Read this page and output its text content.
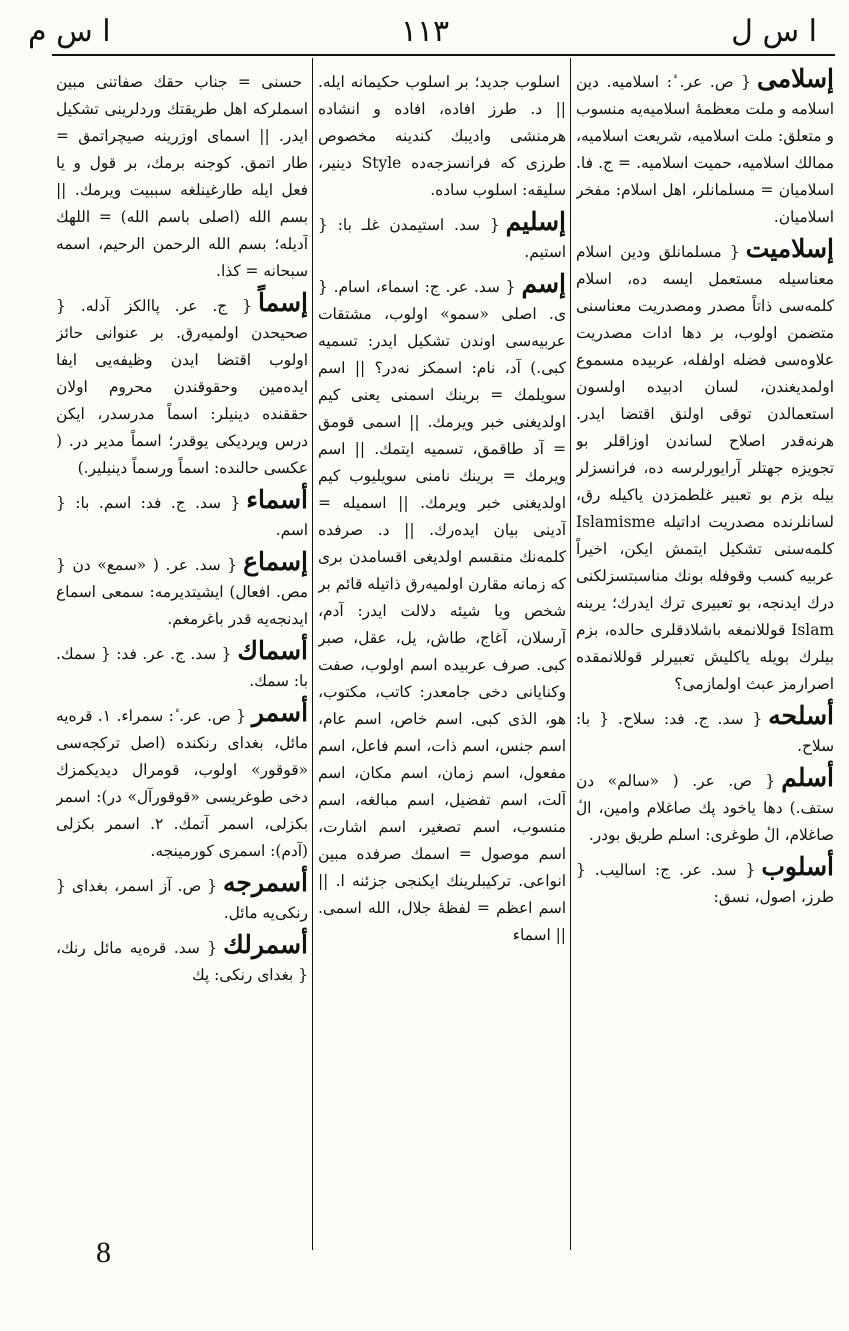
ا س م	١١٣	ا س ل
إسلامى{ ص. عر. ٔ: اسلامیه. دین اسلامه و ملت معظمۀ اسلامیه‌یه منسوب و متعلق: ملت اسلامیه، شریعت اسلامیه، ممالك اسلامیه، حمیت اسلامیه. = ج. فا. اسلامیان = مسلمانلر، اهل اسلام: مفخر اسلامیان.
إسلامیت{ مسلمانلق ودین اسلام معناسیله مستعمل ایسه ده، اسلام کلمه‌سی ذاتاً مصدر ومصدریت معناسنی متضمن اولوب، بر دها ادات مصدریت علاوه‌سی فضله اولفله، عربیده مسموع اولمدیغندن، لسان ادبیده اولسون استعمالدن توقی اولنق اقتضا ایدر. هرنه‌قدر اصلاح لساندن اوزاقلر بو تجویزه جهتلر آرایورلرسه ده، فرانسزلر بیله بزم بو تعبیر غلطمزدن یاکیله رق، لسانلرنده مصدریت اداتیله Islamisme کلمه‌سنی تشکیل ایتمش ایکن، اخیراً عربیه کسب وقوفله بونك مناسبتسزلکنی درك ایدنجه، بو تعبیری ترك ایدرك؛ یرینه Islam قوللانمغه باشلادقلری حالده، بزم بیلرك بویله یاکلیش تعبیرلر قوللانمقده اصرارمز عبث اولمازمی؟
أسلحه{ سد. ج. فد: سلاح. { با: سلاح.
أسلم{ ص. عر. ( «سالم» دن ستف.) دها یاخود پك صاغلام وامین، الٔ صاغلام، الٔ طوغری: اسلم طریق بودر.
أسلوب{ سد. عر. ج: اسالیب. { طرز، اصول، نسق:
اسلوب جدید؛ بر اسلوب حکیمانه ایله. || د. طرز افاده، افاده و انشاده هرمنشی وادیبك کندینه مخصوص طرزی که فرانسزجه‌ده Style دینیر، سلیقه: اسلوب ساده.
إسلیم{ سد. استیمدن غلـ با: { استیم.
إسم{ سد. عر. ج: اسماء، اسام. { ی. اصلی «سمو» اولوب، مشتقات عربیه‌سی اوندن تشکیل ایدر: تسمیه کبی.) آد، نام: اسمکز نه‌در؟ || اسم سویلمك = برینك اسمنی یعنی کیم اولدیغنی خبر ویرمك. || اسمی قومق = آد طاقمق، تسمیه ایتمك. || اسم ویرمك = برینك نامنی سویلیوب کیم اولدیغنی خبر ویرمك. || اسمیله = آدینی بیان ایده‌رك. || د. صرفده کلمه‌نك منقسم اولدیغی اقسامدن بری که زمانه مقارن اولمیه‌رق ذاتیله قائم بر شخص ویا شیئه دلالت ایدر: آدم، آرسلان، آغاج، طاش، یل، عقل، صبر کبی. صرف عربیده اسم اولوب، صفت وکنایانی دخی جامعدر: کاتب، مکتوب، هو، الذی کبی. اسم خاص، اسم عام، اسم جنس، اسم ذات، اسم فاعل، اسم مفعول، اسم زمان، اسم مکان، اسم آلت، اسم تفضیل، اسم مبالغه، اسم منسوب، اسم تصغیر، اسم اشارت، اسم موصول = اسمك صرفده مبین انواعی. ترکیبلرینك ایکنجی جزئنه ا. || اسم اعظم = لفظۀ جلال، الله اسمی. || اسماء
حسنی = جناب حقك صفاتنی مبین اسملرکه اهل طریقتك وردلرینی تشکیل ایدر. || اسمای اوزرینه صیچراتمق = طار اتمق. کوجنه برمك، بر قول و یا فعل ایله طارغینلغه سببیت ویرمك. || بسم الله (اصلی باسم الله) = اللهك آدیله؛ بسم الله الرحمن الرحیم، اسمه سبحانه = کذا.
إسماً{ ج. عر. پاالکز آدله. { صحیحدن اولمیه‌رق. بر عنوانی حائز اولوب اقتضا ایدن وظیفه‌یی ایفا ایده‌مین وحقوقندن محروم اولان حققنده دینیلر: اسماً مدرسدر، ایکن درس ویردیکی یوقدر؛ اسماً مدیر در. ( عکسی حالنده: اسماً ورسماً دینیلیر.)
أسماء{ سد. ج. فد: اسم. با: { اسم.
إسماع{ سد. عر. ( «سمع» دن { مص. افعال) ایشیتدیرمه: سمعی اسماع ایدنجه‌یه قدر باغرمغم.
أسماك{ سد. ج. عر. فد: { سمك. با: سمك.
أسمر{ ص. عر. ٔ: سمراء. ١. قره‌یه مائل، بغدای رنکنده (اصل ترکجه‌سی «قوقور» اولوب، قومرال دیدیکمزك دخی طوغریسی «قوقورآل» در): اسمر بکزلی، اسمر آتمك. ٢. اسمر بکزلی (آدم): اسمری کورمینجه.
أسمرجه{ ص. آز اسمر، بغدای { رنکی‌یه مائل.
أسمرلك{ سد. قره‌یه مائل رنك، { بغدای رنکی: پك
8
